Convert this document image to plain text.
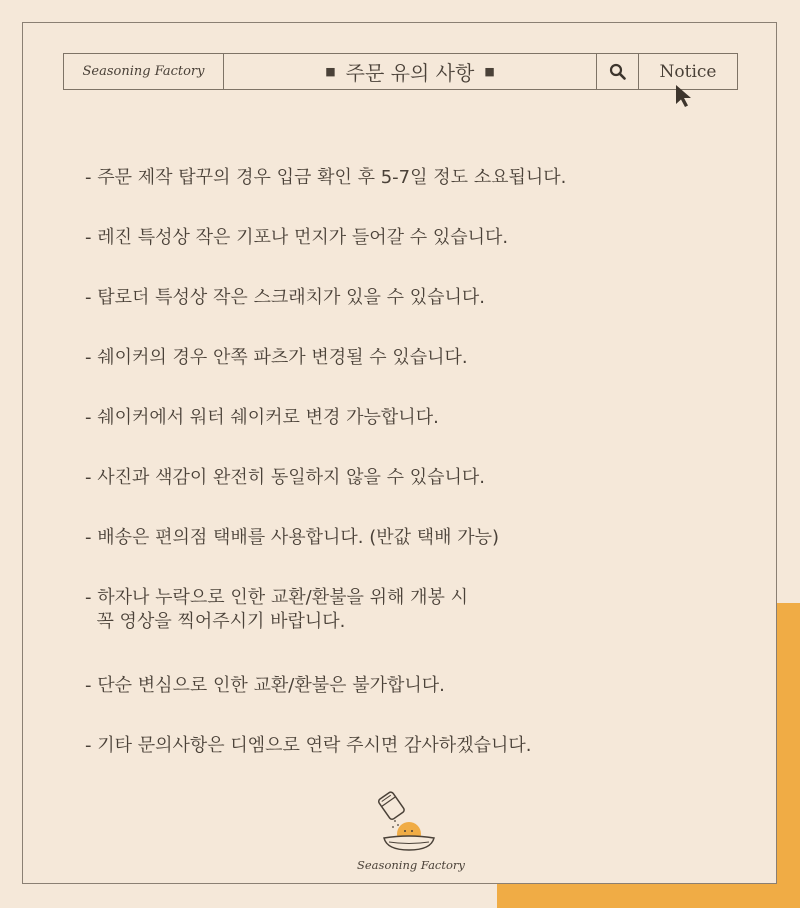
Seasoning Factory	■ 주문 유의 사항 ■	Notice
- 주문 제작 탑꾸의 경우 입금 확인 후 5-7일 정도 소요됩니다.
- 레진 특성상 작은 기포나 먼지가 들어갈 수 있습니다.
- 탑로더 특성상 작은 스크래치가 있을 수 있습니다.
- 쉐이커의 경우 안쪽 파츠가 변경될 수 있습니다.
- 쉐이커에서 워터 쉐이커로 변경 가능합니다.
- 사진과 색감이 완전히 동일하지 않을 수 있습니다.
- 배송은 편의점 택배를 사용합니다. (반값 택배 가능)
- 하자나 누락으로 인한 교환/환불을 위해 개봉 시
꼭 영상을 찍어주시기 바랍니다.
- 단순 변심으로 인한 교환/환불은 불가합니다.
- 기타 문의사항은 디엠으로 연락 주시면 감사하겠습니다.
Seasoning Factory
